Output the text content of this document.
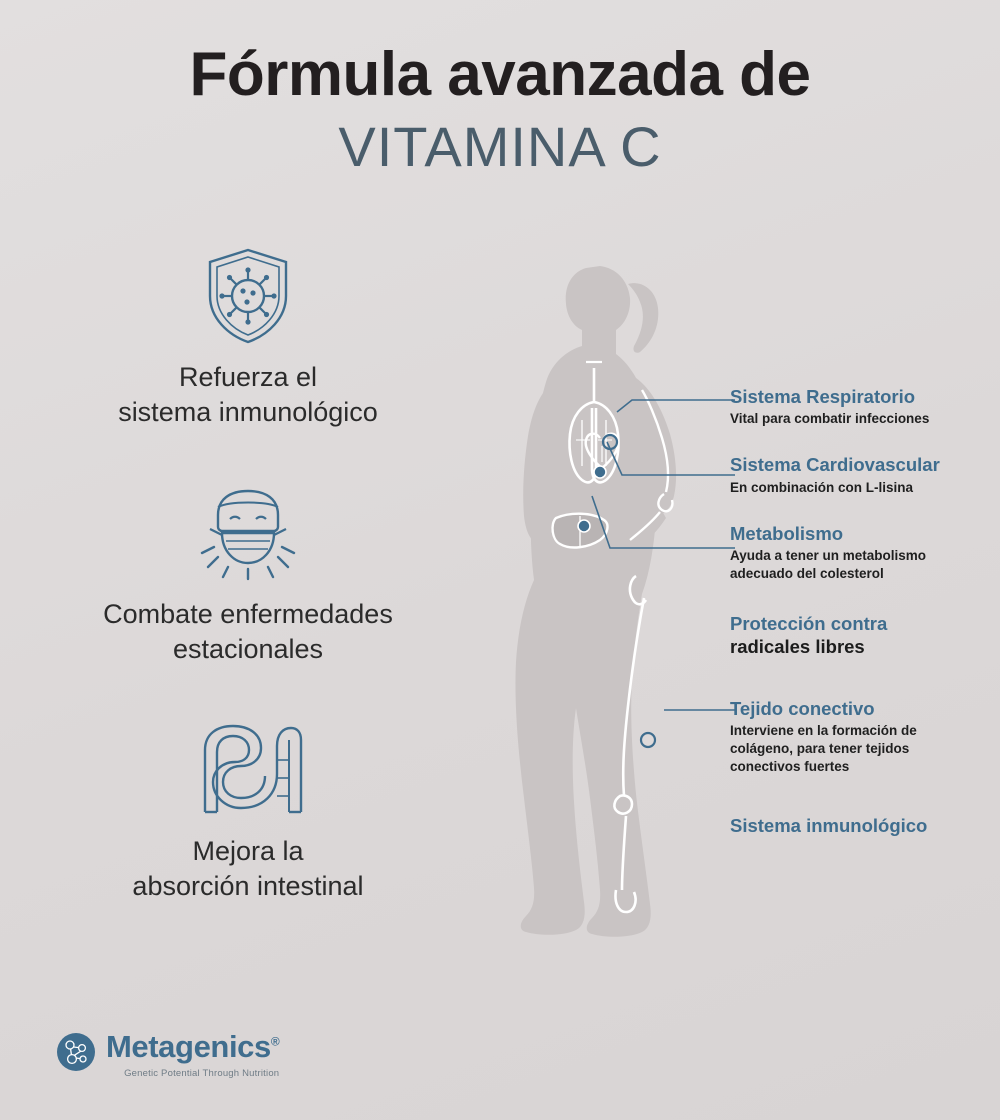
Fórmula avanzada de
VITAMINA C
Refuerza el
sistema inmunológico
Combate enfermedades
estacionales
Mejora la
absorción intestinal
Sistema Respiratorio
Vital para combatir infecciones
Sistema Cardiovascular
En combinación con L-lisina
Metabolismo
Ayuda a tener un metabolismo
adecuado del colesterol
Protección contra
radicales libres
Tejido conectivo
Interviene en la formación de
colágeno, para tener tejidos
conectivos fuertes
Sistema inmunológico
Metagenics®
Genetic Potential Through Nutrition
